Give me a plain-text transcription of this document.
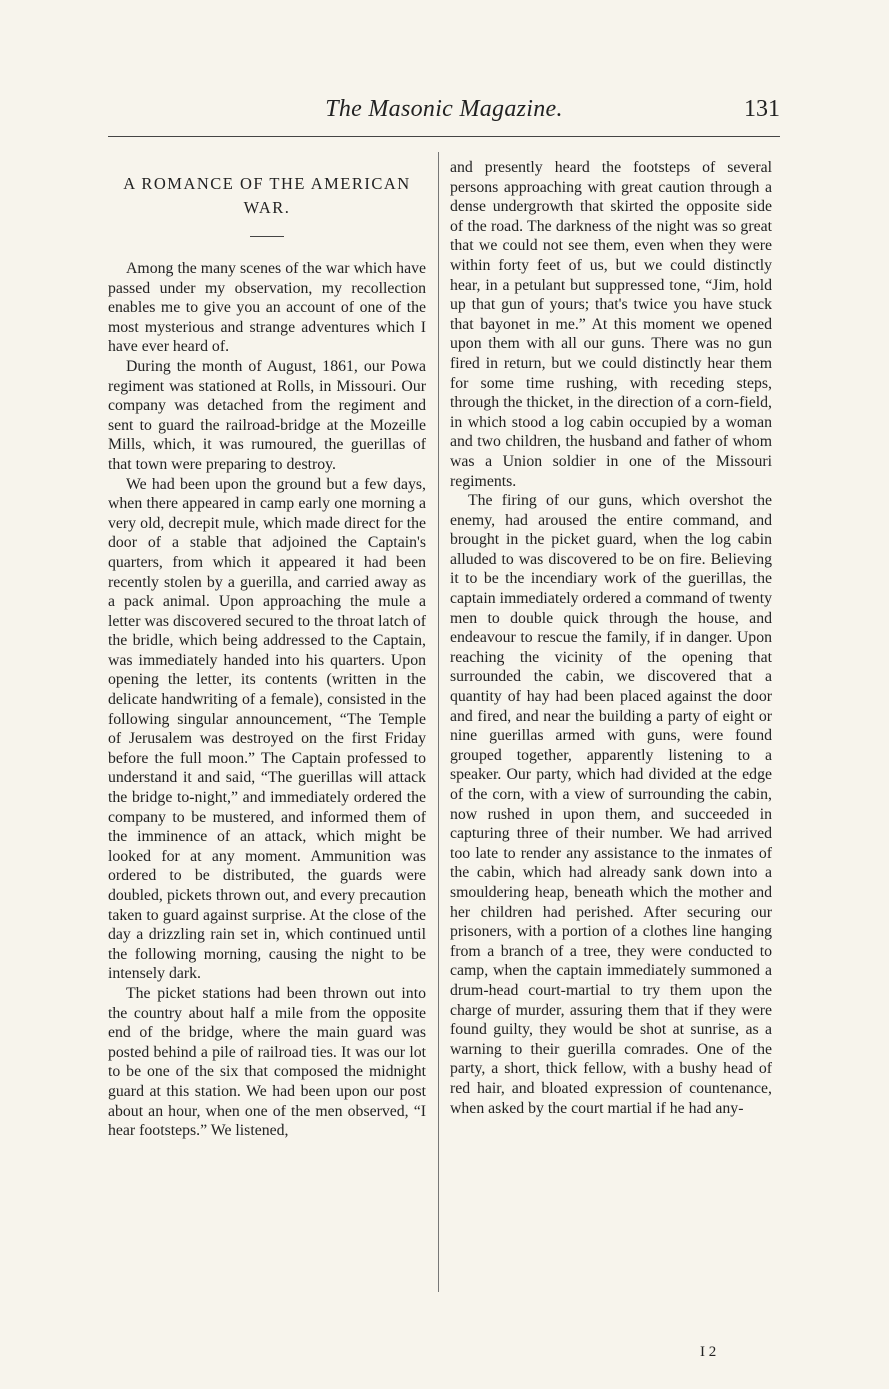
The Masonic Magazine.	131
A ROMANCE OF THE AMERICAN WAR.

Among the many scenes of the war which have passed under my observation, my recollection enables me to give you an account of one of the most mysterious and strange adventures which I have ever heard of.

During the month of August, 1861, our Powa regiment was stationed at Rolls, in Missouri. Our company was detached from the regiment and sent to guard the railroad-bridge at the Mozeille Mills, which, it was rumoured, the guerillas of that town were preparing to destroy.

We had been upon the ground but a few days, when there appeared in camp early one morning a very old, decrepit mule, which made direct for the door of a stable that adjoined the Captain's quarters, from which it appeared it had been recently stolen by a guerilla, and carried away as a pack animal. Upon approaching the mule a letter was discovered secured to the throat latch of the bridle, which being addressed to the Captain, was immediately handed into his quarters. Upon opening the letter, its contents (written in the delicate handwriting of a female), consisted in the following singular announcement, “The Temple of Jerusalem was destroyed on the first Friday before the full moon.” The Captain professed to understand it and said, “The guerillas will attack the bridge to-night,” and immediately ordered the company to be mustered, and informed them of the imminence of an attack, which might be looked for at any moment. Ammunition was ordered to be distributed, the guards were doubled, pickets thrown out, and every precaution taken to guard against surprise. At the close of the day a drizzling rain set in, which continued until the following morning, causing the night to be intensely dark.

The picket stations had been thrown out into the country about half a mile from the opposite end of the bridge, where the main guard was posted behind a pile of railroad ties. It was our lot to be one of the six that composed the midnight guard at this station. We had been upon our post about an hour, when one of the men observed, “I hear footsteps.” We listened,

and presently heard the footsteps of several persons approaching with great caution through a dense undergrowth that skirted the opposite side of the road. The darkness of the night was so great that we could not see them, even when they were within forty feet of us, but we could distinctly hear, in a petulant but suppressed tone, “Jim, hold up that gun of yours; that's twice you have stuck that bayonet in me.” At this moment we opened upon them with all our guns. There was no gun fired in return, but we could distinctly hear them for some time rushing, with receding steps, through the thicket, in the direction of a corn-field, in which stood a log cabin occupied by a woman and two children, the husband and father of whom was a Union soldier in one of the Missouri regiments.

The firing of our guns, which overshot the enemy, had aroused the entire command, and brought in the picket guard, when the log cabin alluded to was discovered to be on fire. Believing it to be the incendiary work of the guerillas, the captain immediately ordered a command of twenty men to double quick through the house, and endeavour to rescue the family, if in danger. Upon reaching the vicinity of the opening that surrounded the cabin, we discovered that a quantity of hay had been placed against the door and fired, and near the building a party of eight or nine guerillas armed with guns, were found grouped together, apparently listening to a speaker. Our party, which had divided at the edge of the corn, with a view of surrounding the cabin, now rushed in upon them, and succeeded in capturing three of their number. We had arrived too late to render any assistance to the inmates of the cabin, which had already sank down into a smouldering heap, beneath which the mother and her children had perished. After securing our prisoners, with a portion of a clothes line hanging from a branch of a tree, they were conducted to camp, when the captain immediately summoned a drum-head court-martial to try them upon the charge of murder, assuring them that if they were found guilty, they would be shot at sunrise, as a warning to their guerilla comrades. One of the party, a short, thick fellow, with a bushy head of red hair, and bloated expression of countenance, when asked by the court martial if he had any-

I 2
